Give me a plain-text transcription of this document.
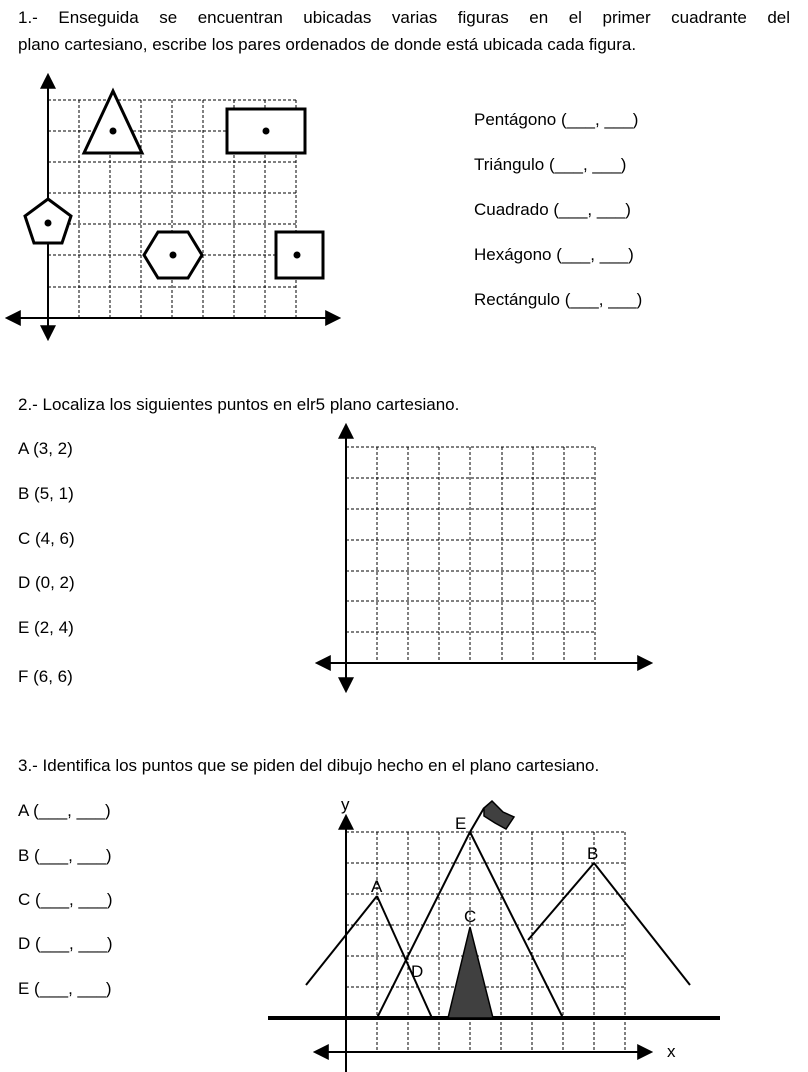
1.- Enseguida se encuentran ubicadas varias figuras en el primer cuadrante del
plano cartesiano, escribe los pares ordenados de donde está ubicada cada figura.
Pentágono (___, ___)
Triángulo (___, ___)
Cuadrado (___, ___)
Hexágono (___, ___)
Rectángulo (___, ___)
2.- Localiza los siguientes puntos en elr5 plano cartesiano.
A (3, 2)
B (5, 1)
C (4, 6)
D (0, 2)
E (2, 4)
F (6, 6)
3.- Identifica los puntos que se piden del dibujo hecho en el plano cartesiano.
A (___, ___)
B (___, ___)
C (___, ___)
D (___, ___)
E (___, ___)
E
B
A
C
D
y
x
